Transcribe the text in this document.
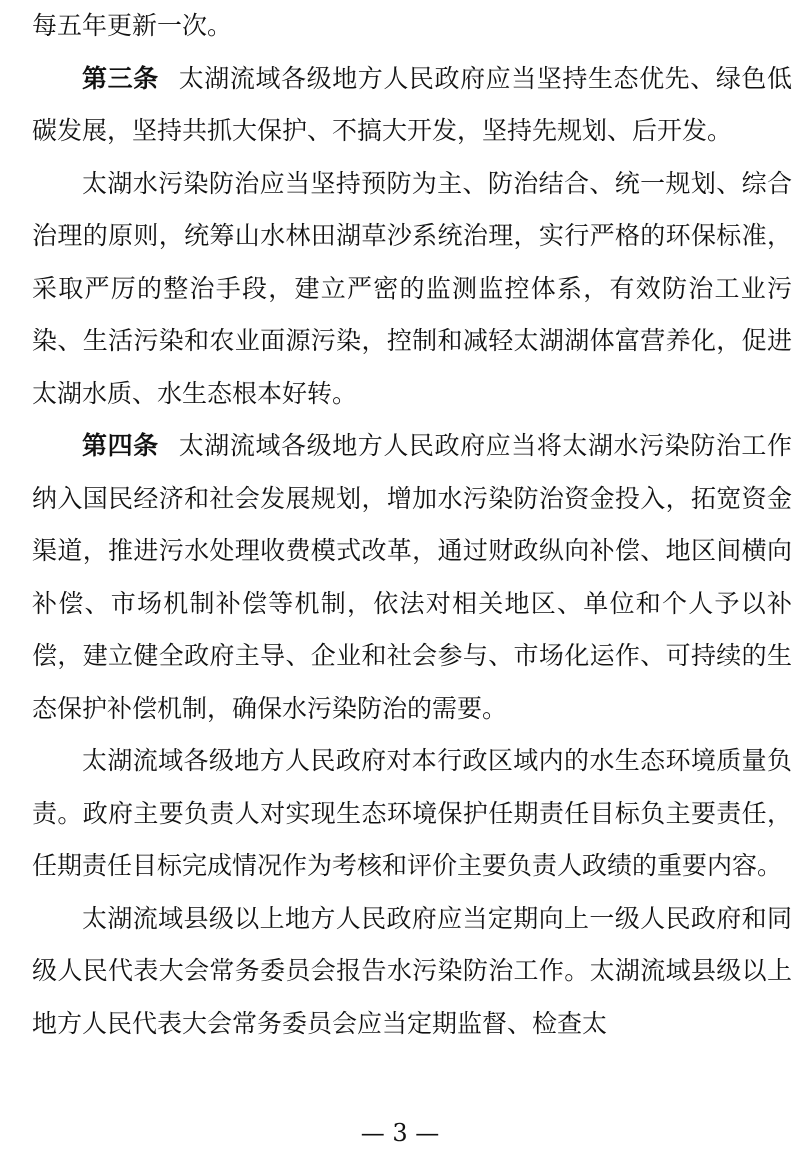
每五年更新一次。

第三条 太湖流域各级地方人民政府应当坚持生态优先、绿色低碳发展，坚持共抓大保护、不搞大开发，坚持先规划、后开发。

太湖水污染防治应当坚持预防为主、防治结合、统一规划、综合治理的原则，统筹山水林田湖草沙系统治理，实行严格的环保标准，采取严厉的整治手段，建立严密的监测监控体系，有效防治工业污染、生活污染和农业面源污染，控制和减轻太湖湖体富营养化，促进太湖水质、水生态根本好转。

第四条 太湖流域各级地方人民政府应当将太湖水污染防治工作纳入国民经济和社会发展规划，增加水污染防治资金投入，拓宽资金渠道，推进污水处理收费模式改革，通过财政纵向补偿、地区间横向补偿、市场机制补偿等机制，依法对相关地区、单位和个人予以补偿，建立健全政府主导、企业和社会参与、市场化运作、可持续的生态保护补偿机制，确保水污染防治的需要。

太湖流域各级地方人民政府对本行政区域内的水生态环境质量负责。政府主要负责人对实现生态环境保护任期责任目标负主要责任，任期责任目标完成情况作为考核和评价主要负责人政绩的重要内容。

太湖流域县级以上地方人民政府应当定期向上一级人民政府和同级人民代表大会常务委员会报告水污染防治工作。太湖流域县级以上地方人民代表大会常务委员会应当定期监督、检查太

— 3 —
